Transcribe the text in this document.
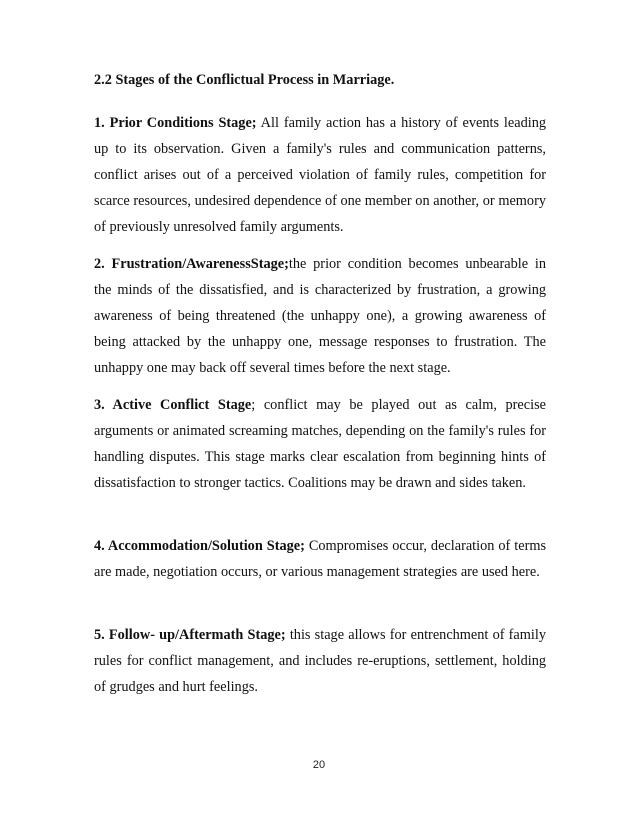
2.2 Stages of the Conflictual Process in Marriage.

1. Prior Conditions Stage; All family action has a history of events leading up to its observation. Given a family's rules and communication patterns, conflict arises out of a perceived violation of family rules, competition for scarce resources, undesired dependence of one member on another, or memory of previously unresolved family arguments.

2. Frustration/AwarenessStage;the prior condition becomes unbearable in the minds of the dissatisfied, and is characterized by frustration, a growing awareness of being threatened (the unhappy one), a growing awareness of being attacked by the unhappy one, message responses to frustration. The unhappy one may back off several times before the next stage.

3. Active Conflict Stage; conflict may be played out as calm, precise arguments or animated screaming matches, depending on the family's rules for handling disputes. This stage marks clear escalation from beginning hints of dissatisfaction to stronger tactics. Coalitions may be drawn and sides taken.

4. Accommodation/Solution Stage; Compromises occur, declaration of terms are made, negotiation occurs, or various management strategies are used here.

5. Follow- up/Aftermath Stage; this stage allows for entrenchment of family rules for conflict management, and includes re-eruptions, settlement, holding of grudges and hurt feelings.

20
